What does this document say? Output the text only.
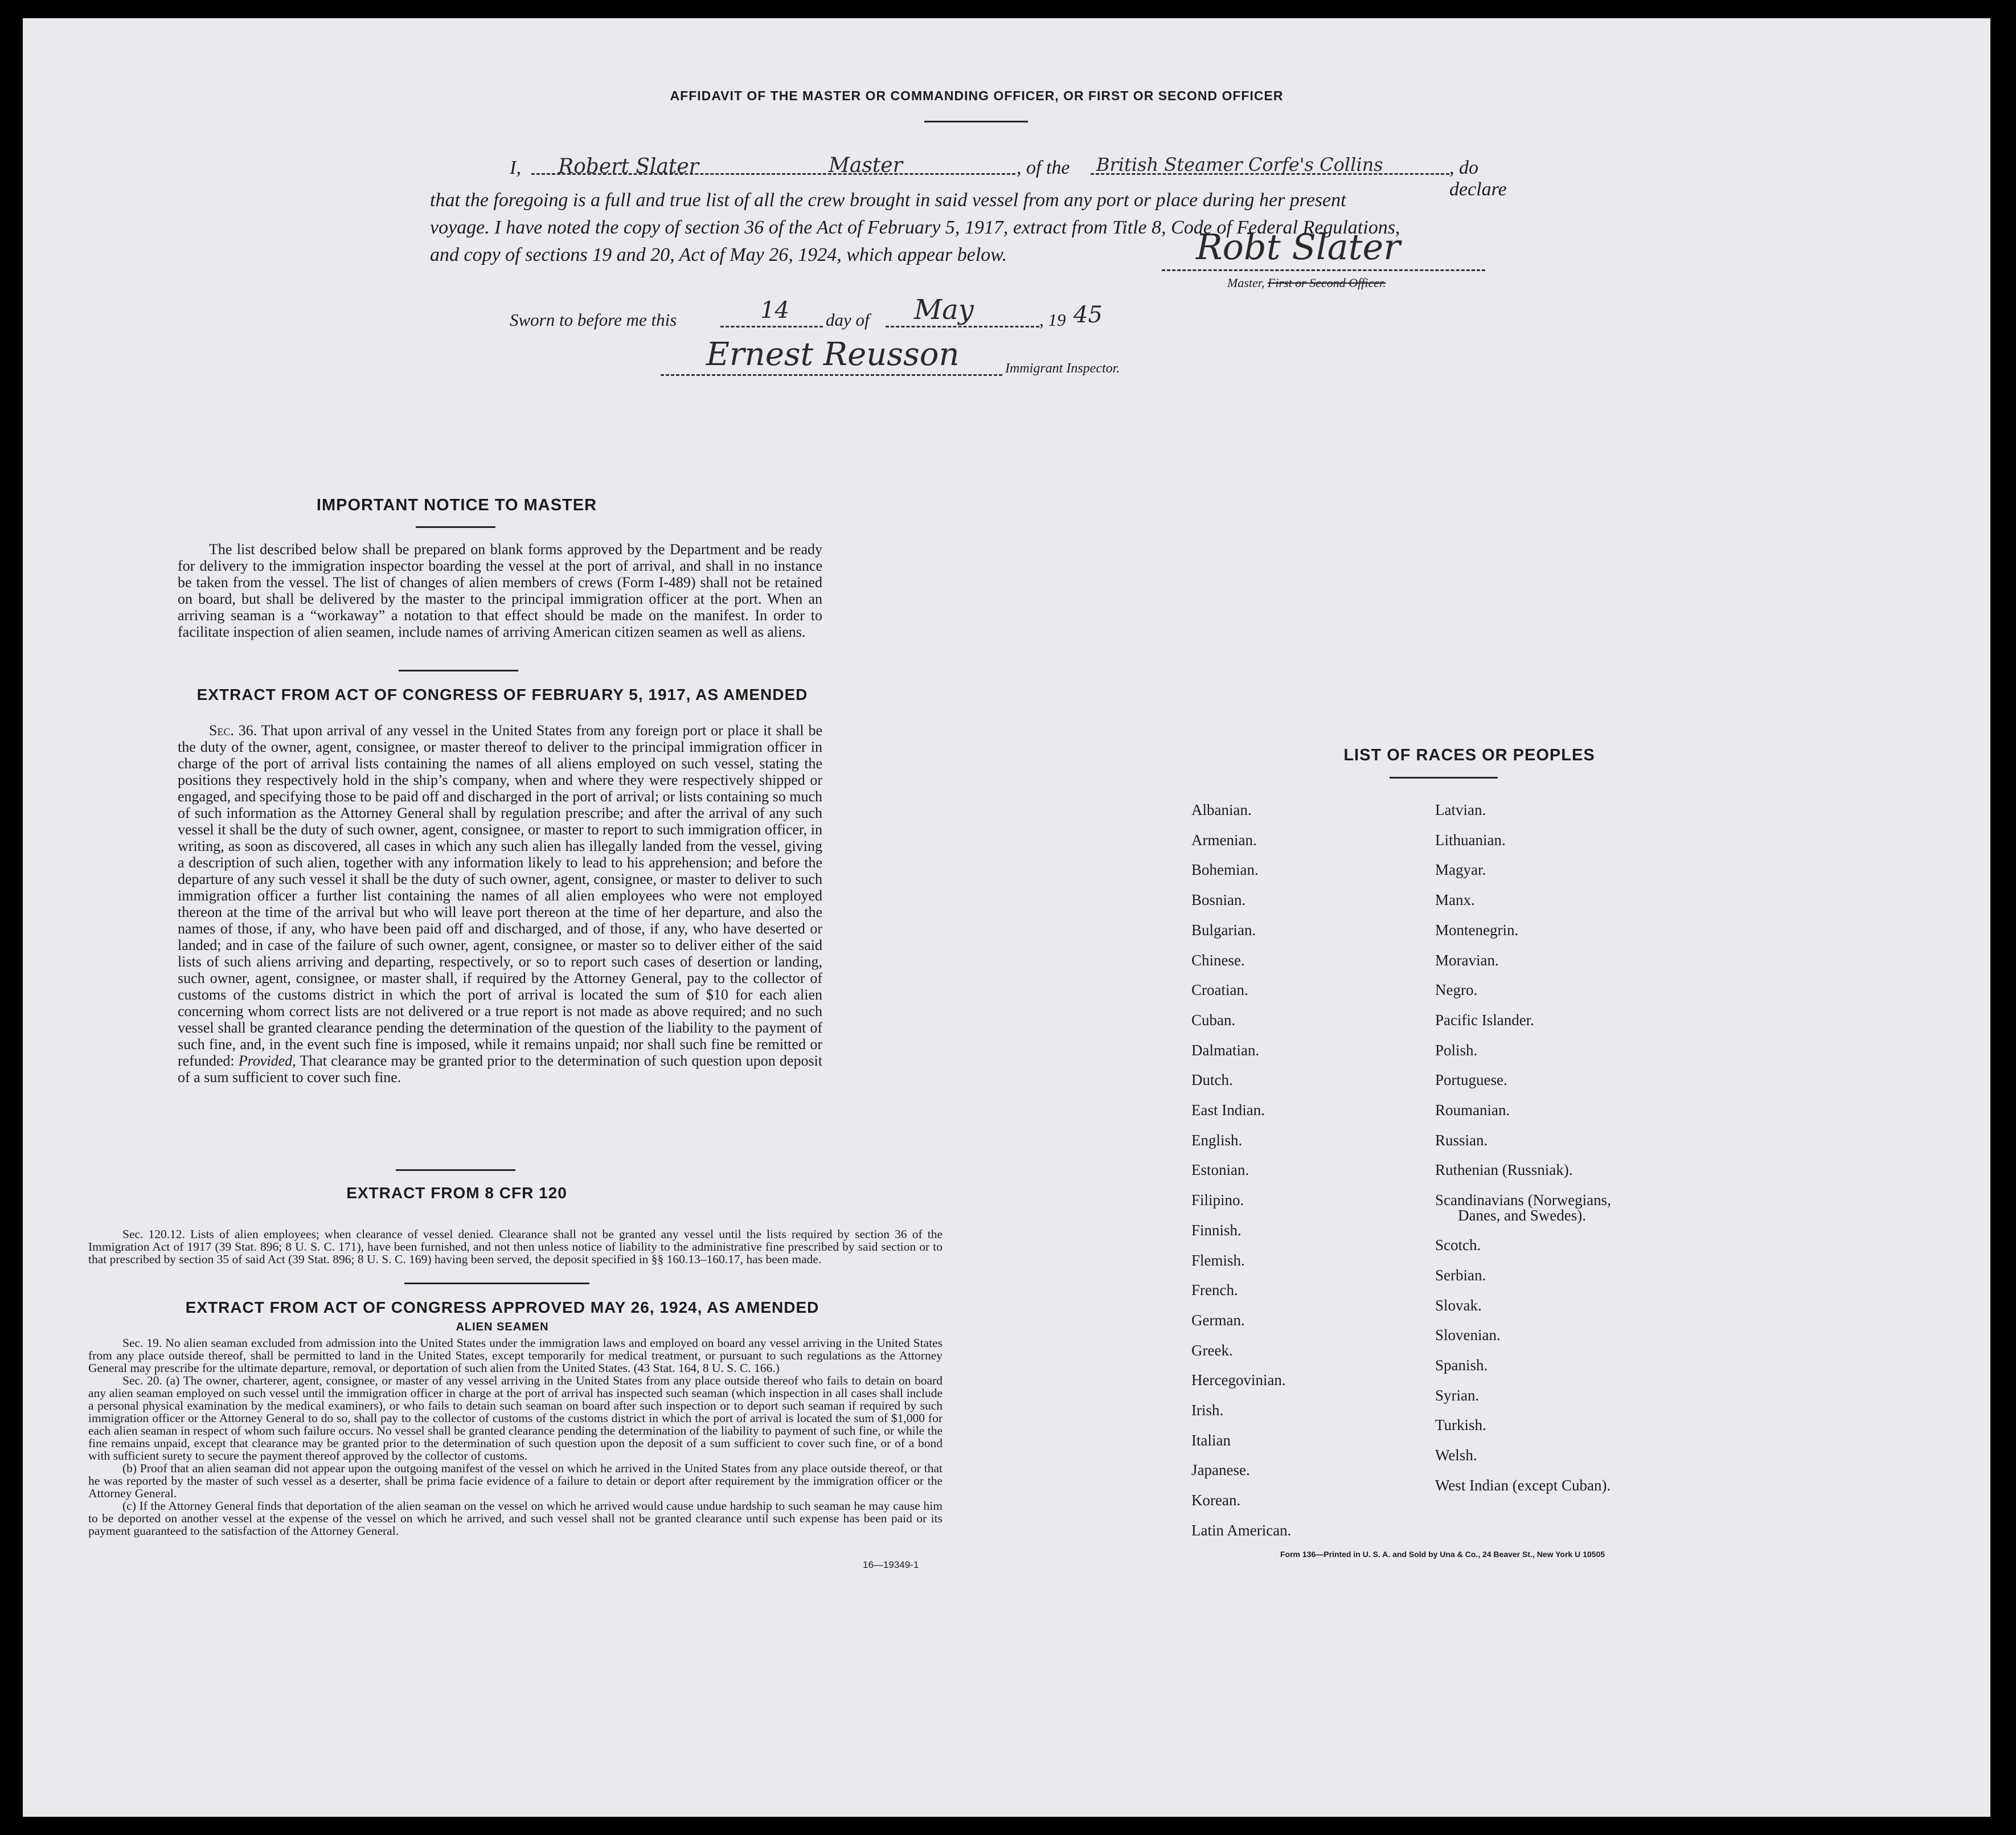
AFFIDAVIT OF THE MASTER OR COMMANDING OFFICER, OR FIRST OR SECOND OFFICER
I, Robert Slater	Master	, of the British Steamer Corfe's Collins	, do declare
that the foregoing is a full and true list of all the crew brought in said vessel from any port or place during her present
voyage. I have noted the copy of section 36 of the Act of February 5, 1917, extract from Title 8, Code of Federal Regulations,
and copy of sections 19 and 20, Act of May 26, 1924, which appear below.	Robt Slater
Master, First or Second Officer.
Sworn to before me this	14 day of May	, 19 45
Ernest Reusson	Immigrant Inspector.
IMPORTANT NOTICE TO MASTER

The list described below shall be prepared on blank forms approved by the Department and be ready for delivery to the immigration inspector boarding the vessel at the port of arrival, and shall in no instance be taken from the vessel. The list of changes of alien members of crews (Form I-489) shall not be retained on board, but shall be delivered by the master to the principal immigration officer at the port. When an arriving seaman is a “workaway” a notation to that effect should be made on the manifest. In order to facilitate inspection of alien seamen, include names of arriving American citizen seamen as well as aliens.

EXTRACT FROM ACT OF CONGRESS OF FEBRUARY 5, 1917, AS AMENDED

Sec. 36. That upon arrival of any vessel in the United States from any foreign port or place it shall be the duty of the owner, agent, consignee, or master thereof to deliver to the principal immigration officer in charge of the port of arrival lists containing the names of all aliens employed on such vessel, stating the positions they respectively hold in the ship’s company, when and where they were respectively shipped or engaged, and specifying those to be paid off and discharged in the port of arrival; or lists containing so much of such information as the Attorney General shall by regulation prescribe; and after the arrival of any such vessel it shall be the duty of such owner, agent, consignee, or master to report to such immigration officer, in writing, as soon as discovered, all cases in which any such alien has illegally landed from the vessel, giving a description of such alien, together with any information likely to lead to his apprehension; and before the departure of any such vessel it shall be the duty of such owner, agent, consignee, or master to deliver to such immigration officer a further list containing the names of all alien employees who were not employed thereon at the time of the arrival but who will leave port thereon at the time of her departure, and also the names of those, if any, who have been paid off and discharged, and of those, if any, who have deserted or landed; and in case of the failure of such owner, agent, consignee, or master so to deliver either of the said lists of such aliens arriving and departing, respectively, or so to report such cases of desertion or landing, such owner, agent, consignee, or master shall, if required by the Attorney General, pay to the collector of customs of the customs district in which the port of arrival is located the sum of $10 for each alien concerning whom correct lists are not delivered or a true report is not made as above required; and no such vessel shall be granted clearance pending the determination of the question of the liability to the payment of such fine, and, in the event such fine is imposed, while it remains unpaid; nor shall such fine be remitted or refunded: Provided, That clearance may be granted prior to the determination of such question upon deposit of a sum sufficient to cover such fine.

EXTRACT FROM 8 CFR 120

Sec. 120.12. Lists of alien employees; when clearance of vessel denied. Clearance shall not be granted any vessel until the lists required by section 36 of the Immigration Act of 1917 (39 Stat. 896; 8 U. S. C. 171), have been furnished, and not then unless notice of liability to the administrative fine prescribed by said section or to that prescribed by section 35 of said Act (39 Stat. 896; 8 U. S. C. 169) having been served, the deposit specified in §§ 160.13–160.17, has been made.

EXTRACT FROM ACT OF CONGRESS APPROVED MAY 26, 1924, AS AMENDED
ALIEN SEAMEN

Sec. 19. No alien seaman excluded from admission into the United States under the immigration laws and employed on board any vessel arriving in the United States from any place outside thereof, shall be permitted to land in the United States, except temporarily for medical treatment, or pursuant to such regulations as the Attorney General may prescribe for the ultimate departure, removal, or deportation of such alien from the United States. (43 Stat. 164, 8 U. S. C. 166.)

Sec. 20. (a) The owner, charterer, agent, consignee, or master of any vessel arriving in the United States from any place outside thereof who fails to detain on board any alien seaman employed on such vessel until the immigration officer in charge at the port of arrival has inspected such seaman (which inspection in all cases shall include a personal physical examination by the medical examiners), or who fails to detain such seaman on board after such inspection or to deport such seaman if required by such immigration officer or the Attorney General to do so, shall pay to the collector of customs of the customs district in which the port of arrival is located the sum of $1,000 for each alien seaman in respect of whom such failure occurs. No vessel shall be granted clearance pending the determination of the liability to payment of such fine, or while the fine remains unpaid, except that clearance may be granted prior to the determination of such question upon the deposit of a sum sufficient to cover such fine, or of a bond with sufficient surety to secure the payment thereof approved by the collector of customs.

(b) Proof that an alien seaman did not appear upon the outgoing manifest of the vessel on which he arrived in the United States from any place outside thereof, or that he was reported by the master of such vessel as a deserter, shall be prima facie evidence of a failure to detain or deport after requirement by the immigration officer or the Attorney General.

(c) If the Attorney General finds that deportation of the alien seaman on the vessel on which he arrived would cause undue hardship to such seaman he may cause him to be deported on another vessel at the expense of the vessel on which he arrived, and such vessel shall not be granted clearance until such expense has been paid or its payment guaranteed to the satisfaction of the Attorney General.

16—19349-1
LIST OF RACES OR PEOPLES
Albanian.
Armenian.
Bohemian.
Bosnian.
Bulgarian.
Chinese.
Croatian.
Cuban.
Dalmatian.
Dutch.
East Indian.
English.
Estonian.
Filipino.
Finnish.
Flemish.
French.
German.
Greek.
Hercegovinian.
Irish.
Italian
Japanese.
Korean.
Latin American.
Latvian.
Lithuanian.
Magyar.
Manx.
Montenegrin.
Moravian.
Negro.
Pacific Islander.
Polish.
Portuguese.
Roumanian.
Russian.
Ruthenian (Russniak).
Scandinavians (Norwegians,
Danes, and Swedes).
Scotch.
Serbian.
Slovak.
Slovenian.
Spanish.
Syrian.
Turkish.
Welsh.
West Indian (except Cuban).
Form 136—Printed in U. S. A. and Sold by Una & Co., 24 Beaver St., New York U 10505
